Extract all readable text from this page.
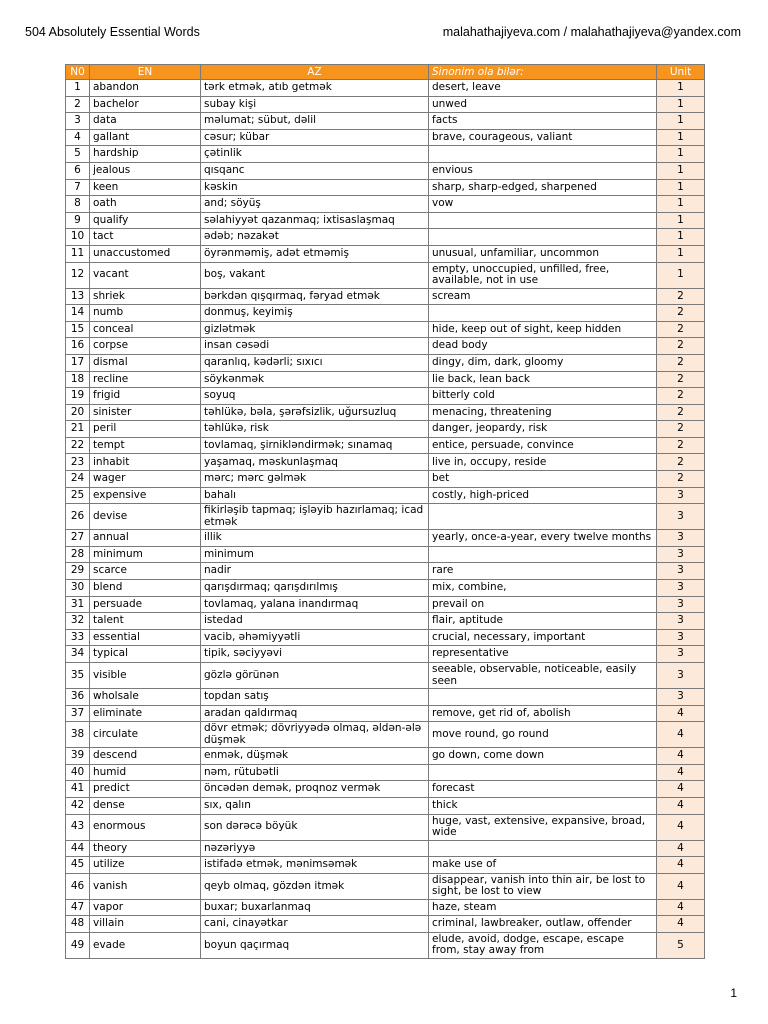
504 Absolutely Essential Words	malahathajiyeva.com / malahathajiyeva@yandex.com
N0	EN	AZ	Sinonim ola bilər:	Unit
1	abandon	tərk etmək, atıb getmək	desert, leave	1
2	bachelor	subay kişi	unwed	1
3	data	məlumat; sübut, dəlil	facts	1
4	gallant	cəsur; kübar	brave, courageous, valiant	1
5	hardship	çətinlik		1
6	jealous	qısqanc	envious	1
7	keen	kəskin	sharp, sharp-edged, sharpened	1
8	oath	and; söyüş	vow	1
9	qualify	səlahiyyət qazanmaq; ixtisaslaşmaq		1
10	tact	ədəb; nəzakət		1
11	unaccustomed	öyrənməmiş, adət etməmiş	unusual, unfamiliar, uncommon	1
12	vacant	boş, vakant	empty, unoccupied, unfilled, free, available, not in use	1
13	shriek	bərkdən qışqırmaq, fəryad etmək	scream	2
14	numb	donmuş, keyimiş		2
15	conceal	gizlətmək	hide, keep out of sight, keep hidden	2
16	corpse	insan cəsədi	dead body	2
17	dismal	qaranlıq, kədərli; sıxıcı	dingy, dim, dark, gloomy	2
18	recline	söykənmək	lie back, lean back	2
19	frigid	soyuq	bitterly cold	2
20	sinister	təhlükə, bəla, şərəfsizlik, uğursuzluq	menacing, threatening	2
21	peril	təhlükə, risk	danger, jeopardy, risk	2
22	tempt	tovlamaq, şirnikləndirmək; sınamaq	entice, persuade, convince	2
23	inhabit	yaşamaq, məskunlaşmaq	live in, occupy, reside	2
24	wager	mərc; mərc gəlmək	bet	2
25	expensive	bahalı	costly, high-priced	3
26	devise	fikirləşib tapmaq; işləyib hazırlamaq; icad etmək		3
27	annual	illik	yearly, once-a-year, every twelve months	3
28	minimum	minimum		3
29	scarce	nadir	rare	3
30	blend	qarışdırmaq; qarışdırılmış	mix, combine,	3
31	persuade	tovlamaq, yalana inandırmaq	prevail on	3
32	talent	istedad	flair, aptitude	3
33	essential	vacib, əhəmiyyətli	crucial, necessary, important	3
34	typical	tipik, səciyyəvi	representative	3
35	visible	gözlə görünən	seeable, observable, noticeable, easily seen	3
36	wholsale	topdan satış		3
37	eliminate	aradan qaldırmaq	remove, get rid of, abolish	4
38	circulate	dövr etmək; dövriyyədə olmaq, əldən-ələ düşmək	move round, go round	4
39	descend	enmək, düşmək	go down, come down	4
40	humid	nəm, rütubətli		4
41	predict	öncədən demək, proqnoz vermək	forecast	4
42	dense	sıx, qalın	thick	4
43	enormous	son dərəcə böyük	huge, vast, extensive, expansive, broad, wide	4
44	theory	nəzəriyyə		4
45	utilize	istifadə etmək, mənimsəmək	make use of	4
46	vanish	qeyb olmaq, gözdən itmək	disappear, vanish into thin air, be lost to sight, be lost to view	4
47	vapor	buxar; buxarlanmaq	haze, steam	4
48	villain	cani, cinayətkar	criminal, lawbreaker, outlaw, offender	4
49	evade	boyun qaçırmaq	elude, avoid, dodge, escape, escape from, stay away from	5
1
